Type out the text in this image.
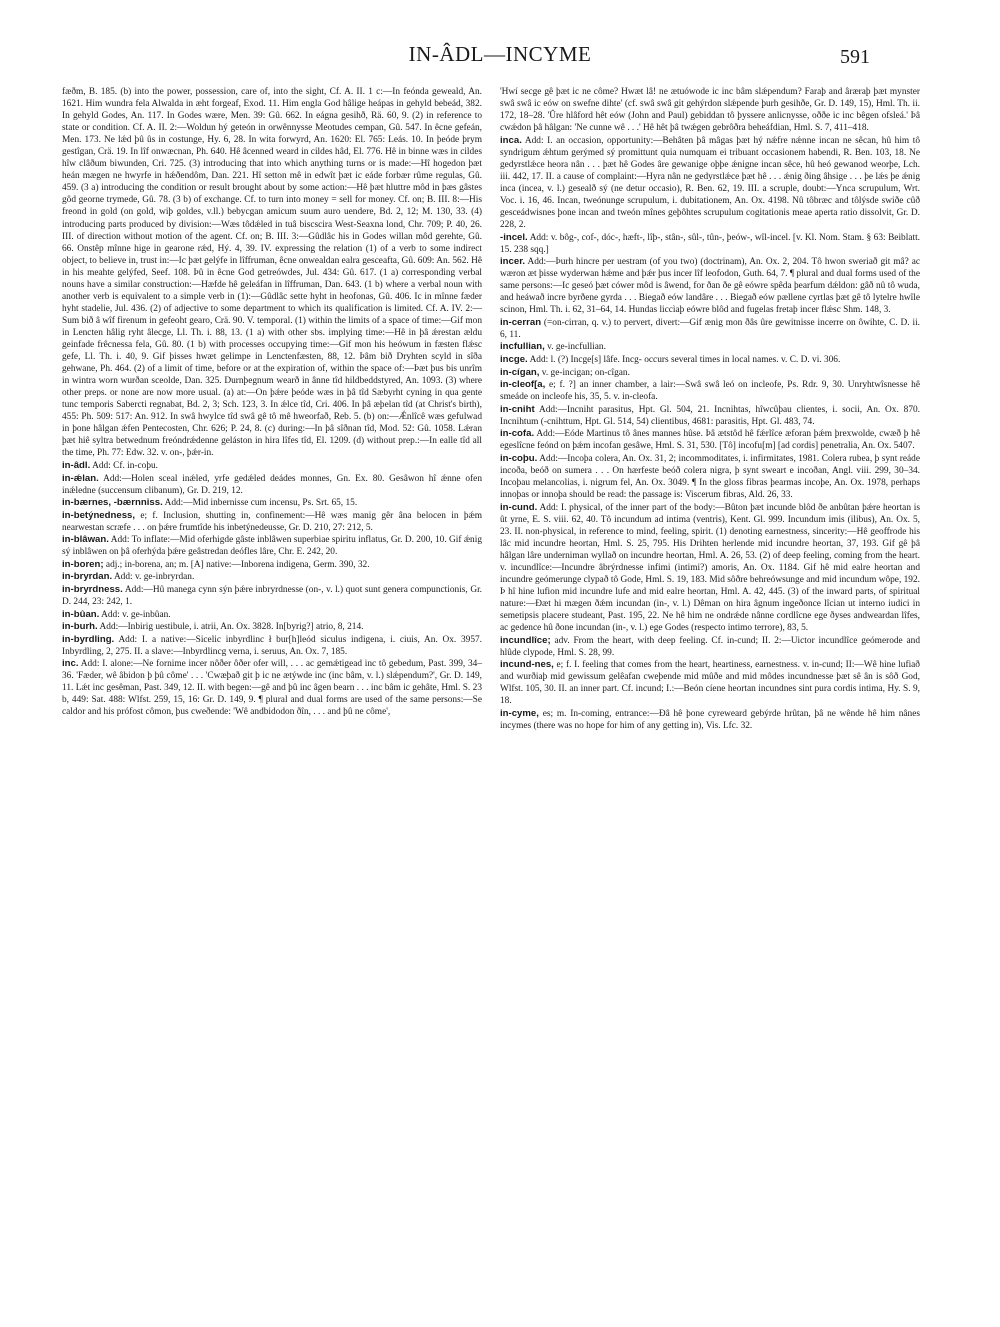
IN-ÂDL—INCYME	591

fæðm, B. 185. (b) into the power, possession, care of, into the sight, Cf. A. II. 1 c:—In feónda geweald, An. 1621. Him wundra fela Alwalda in æht forgeaf, Exod. 11. Him engla God hâlige heápas in gehyld bebeád, 382. In gehyld Godes, An. 117. In Godes wære, Men. 39: Gû. 662. In eágna gesihð, Rä. 60, 9. (2) in reference to state or condition. Cf. A. II. 2:—Woldun hý geteón in orwênnysse Meotudes cempan, Gû. 547. In êcne gefeán, Men. 173. Ne lǽd þû ûs in costunge, Hy. 6, 28. In wita forwyrd, An. 1620: El. 765: Leás. 10. In þeóde þrym gestîgan, Crä. 19. In lîf onwæcnan, Ph. 640. Hê âcenned weard in cildes hâd, El. 776. Hê in binne wæs in cildes hîw clâðum biwunden, Cri. 725. (3) introducing that into which anything turns or is made:—Hî hogedon þæt heán mægen ne hwyrfe in hǽðendôm, Dan. 221. Hî setton mê in edwît þæt ic eáde forbær rûme regulas, Gû. 459. (3 a) introducing the condition or result brought about by some action:—Hê þæt hluttre môd in þæs gâstes gôd georne trymede, Gû. 78. (3 b) of exchange. Cf. to turn into money = sell for money. Cf. on; B. III. 8:—His freond in gold (on gold, wiþ goldes, v.ll.) bebycgan amicum suum auro uendere, Bd. 2, 12; M. 130, 33. (4) introducing parts produced by division:—Wæs tôdǽled in tuâ biscscira West-Seaxna lond, Chr. 709; P. 40, 26. III. of direction without motion of the agent. Cf. on; B. III. 3:—Gûdlâc his in Godes willan môd gerehte, Gû. 66. Onstêp mînne hige in gearone rǽd, Hý. 4, 39. IV. expressing the relation (1) of a verb to some indirect object, to believe in, trust in:—Ic þæt gelýfe in lîffruman, êcne onwealdan ealra gesceafta, Gû. 609: An. 562. Hê in his meahte gelýfed, Seef. 108. Þû in êcne God getreówdes, Jul. 434: Gû. 617. (1 a) corresponding verbal nouns have a similar construction:—Hæfde hê geleáfan in lîffruman, Dan. 643. (1 b) where a verbal noun with another verb is equivalent to a simple verb in (1):—Gûdlâc sette hyht in heofonas, Gû. 406. Ic in mînne fæder hyht stadelie, Jul. 436. (2) of adjective to some department to which its qualification is limited. Cf. A. IV. 2:—Sum bið â wîf firenum in gefeoht gearo, Crä. 90. V. temporal. (1) within the limits of a space of time:—Gif mon in Lencten hâlig ryht âlecge, Ll. Th. i. 88, 13. (1 a) with other sbs. implying time:—Hê in þâ ǽrestan ældu geinfade frêcnessa fela, Gû. 80. (1 b) with processes occupying time:—Gif mon his heówum in fæsten flǽsc gefe, Ll. Th. i. 40, 9. Gif þisses hwæt gelimpe in Lenctenfæsten, 88, 12. Þâm bið Dryhten scyld in sîða gehwane, Ph. 464. (2) of a limit of time, before or at the expiration of, within the space of:—Þæt þus bis unrîm in wintra worn wurðan sceolde, Dan. 325. Durnþegnum wearð in ânne tîd hildbeddstyred, An. 1093. (3) where other preps. or none are now more usual. (a) at:—On þǽre þeóde wæs in þâ tîd Sæbyrht cyning in qua gente tunc temporis Sabercti regnabat, Bd. 2, 3; Sch. 123, 3. In ǽlce tîd, Cri. 406. In þâ æþelan tîd (at Christ's birth), 455: Ph. 509: 517: An. 912. In swâ hwylce tîd swâ gê tô mê hweorfað, Reb. 5. (b) on:—Ǽnlîcê wæs gefulwad in þone hâlgan ǽfen Pentecosten, Chr. 626; P. 24, 8. (c) during:—In þâ sîðnan tîd, Mod. 52: Gû. 1058. Lǽran þæt hiê syltra betwednum freóndrǽdenne geláston in hira lîfes tîd, El. 1209. (d) without prep.:—In ealle tîd all the time, Ph. 77: Edw. 32. v. on-, þǽr-in.

in-âdl. Add: Cf. in-coþu.

in-ǽlan. Add:—Holen sceal inǽled, yrfe gedǽled deádes monnes, Gn. Ex. 80. Gesâwon hî ǽnne ofen inǽledne (succensum clibanum), Gr. D. 219, 12.

in-bærnes, -bærnniss. Add:—Mid inbernisse cum incensu, Ps. Srt. 65, 15.

in-betýnedness, e; f. Inclusion, shutting in, confinement:—Hê wæs manig gêr âna belocen in þǽm nearwestan scræfe . . . on þǽre frumtîde his inbetýnedeusse, Gr. D. 210, 27: 212, 5.

in-blâwan. Add: To inflate:—Mid oferhigde gâste inblâwen superbiae spiritu inflatus, Gr. D. 200, 10. Gif ǽnig sý inblâwen on þâ oferhýda þǽre geâstredan deófles lâre, Chr. E. 242, 20.

in-boren; adj.; in-borena, an; m. [A] native:—Inborena indigena, Germ. 390, 32.

in-bryrdan. Add: v. ge-inbryrdan.

in-bryrdness. Add:—Hû manega cynn sýn þǽre inbryrdnesse (on-, v. l.) quot sunt genera compunctionis, Gr. D. 244, 23: 242, 1.

in-bûan. Add: v. ge-inbûan.

in-burh. Add:—Inbirig uestibule, i. atrii, An. Ox. 3828. In[byrig?] atrio, 8, 214.

in-byrdling. Add: I. a native:—Sicelic inbyrdlinc ł bur[h]leód siculus indigena, i. ciuis, An. Ox. 3957. Inbyrdling, 2, 275. II. a slave:—Inbyrdlincg verna, i. seruus, An. Ox. 7, 185.

inc. Add: I. alone:—Ne fornime incer nôðer ôðer ofer will, . . . ac gemǽtigead inc tô gebedum, Past. 399, 34–36. 'Fæder, wê âbidon þ þû côme' . . . 'Cwæþað git þ ic ne ætýwde inc (inc bâm, v. l.) slǽpendum?', Gr. D. 149, 11. Lǽt inc gesêman, Past. 349, 12. II. with begen:—gê and þû inc âgen bearn . . . inc bâm ic gehâte, Hml. S. 23 b, 449: Sat. 488: Wlfst. 259, 15, 16: Gr. D. 149, 9. ¶ plural and dual forms are used of the same persons:—Se caldor and his prófost cômon, þus cweðende: 'Wê andbidodon ðîn, . . . and þû ne côme',

'Hwí secge gê þæt ic ne côme? Hwæt lâ! ne ætuówode ic inc bâm slǽpendum? Faraþ and âræraþ þæt mynster swâ swâ ic eów on swefne dihte' (cf. swâ swâ git gehýrdon slǽpende þurh gesihðe, Gr. D. 149, 15), Hml. Th. ii. 172, 18–28. 'Ûre hlâford hêt eów (John and Paul) gebiddan tô þyssere anlicnysse, oððe ic inc bêgen ofsleá.' Þâ cwǽdon þâ hâlgan: 'Ne cunne wê . . .' Hê hêt þâ twǽgen gebrôðra beheáfdian, Hml. S. 7, 411–418.

inca. Add: I. an occasion, opportunity:—Behâten þâ mâgas þæt hý nǽfre nǽnne incan ne sêcan, hû him tô syndrigum ǽhtum gerýmed sý promittunt quia numquam ei tribuant occasionem habendi, R. Ben. 103, 18. Ne gedyrstlǽce heora nân . . . þæt hê Godes âre gewanige oþþe ǽnigne incan sêce, hû heó gewanod weorþe, Lch. iii. 442, 17. II. a cause of complaint:—Hyra nân ne gedyrstlǽce þæt hê . . . ǽnig ðing âhsige . . . þe lǽs þe ǽnig inca (incea, v. l.) gesealð sý (ne detur occasio), R. Ben. 62, 19. III. a scruple, doubt:—Ynca scrupulum, Wrt. Voc. i. 16, 46. Incan, tweónunge scrupulum, i. dubitationem, An. Ox. 4198. Nû tôbræc and tôlýsde swiðe cûð gesceádwisnes þone incan and tweón mînes geþôhtes scrupulum cogitationis meae aperta ratio dissolvit, Gr. D. 228, 2.

-incel. Add: v. bôg-, cof-, dóc-, hæft-, lîþ-, stân-, sûl-, tûn-, þeów-, wîl-incel. [v. Kl. Nom. Stam. § 63: Beiblatt. 15. 238 sqq.]

incer. Add:—Þurh hincre per uestram (of you two) (doctrinam), An. Ox. 2, 204. Tô hwon sweriað git mâ? ac wæron æt þisse wyderwan hǽme and þǽr þus incer lîf leofodon, Guth. 64, 7. ¶ plural and dual forms used of the same persons:—Ic geseó þæt cówer môd is âwend, for ðan ðe gê eówre spêda þearfum dǽldon: gâð nû tô wuda, and heáwað incre byrðene gyrda . . . Biegað eów landâre . . . Biegað eów pællene cyrtlas þæt gê tô lytelre hwîle scinon, Hml. Th. i. 62, 31–64, 14. Hundas liccìaþ eówre blôd and fugelas fretaþ incer flǽsc Shm. 148, 3.

in-cerran (=on-cirran, q. v.) to pervert, divert:—Gif ænig mon ðâs ûre gewitnisse incerre on ôwihte, C. D. ii. 6, 11.

incfullian, v. ge-incfullian.

incge. Add: l. (?) Incge[s] lâfe. Incg- occurs several times in local names. v. C. D. vi. 306.

in-cígan, v. ge-incigan; on-cîgan.

in-cleof[a, e; f. ?] an inner chamber, a lair:—Swâ swâ leó on incleofe, Ps. Rdr. 9, 30. Unryhtwîsnesse hê smeáde on incleofe his, 35, 5. v. in-cleofa.

in-cniht Add:—Incniht parasitus, Hpt. Gl. 504, 21. Incnihtas, hîwcûþau clientes, i. socii, An. Ox. 870. Incnihtum (-cnihttum, Hpt. Gl. 514, 54) clientibus, 4681: parasitis, Hpt. Gl. 483, 74.

in-cofa. Add:—Eóde Martinus tô ânes mannes hûse. Þâ ætstôd hê fǽrlîce æforan þǽm þrexwolde, cwæð þ hê egeslîcne feónd on þǽm incofan gesâwe, Hml. S. 31, 530. [Tô] incofu[m] [ad cordis] penetralia, An. Ox. 5407.

in-coþu. Add:—Incoþa colera, An. Ox. 31, 2; incommoditates, i. infirmitates, 1981. Colera rubea, þ synt reáde incoða, beóð on sumera . . . On hærfeste beóð colera nigra, þ synt sweart e incoðan, Angl. viii. 299, 30–34. Incoþau melancolias, i. nigrum fel, An. Ox. 3049. ¶ In the gloss fibras þearmas incoþe, An. Ox. 1978, perhaps innoþas or innoþa should be read: the passage is: Viscerum fibras, Ald. 26, 33.

in-cund. Add: I. physical, of the inner part of the body:—Bûton þæt incunde blôd ðe anbûtan þǽre heortan is ût yrne, E. S. viii. 62, 40. Tô incundum ad intima (ventris), Kent. Gl. 999. Incundum imis (ilibus), An. Ox. 5, 23. II. non-physical, in reference to mind, feeling, spirit. (1) denoting earnestness, sincerity:—Hê geoffrode his lâc mid incundre heortan, Hml. S. 25, 795. His Drihten herlende mid incundre heortan, 37, 193. Gif gê þâ hâlgan lâre underniman wyllað on incundre heortan, Hml. A. 26, 53. (2) of deep feeling, coming from the heart. v. incundlîce:—Incundre âbrýrdnesse infimi (intimi?) amoris, An. Ox. 1184. Gif hê mid ealre heortan and incundre geómerunge clypað tô Gode, Hml. S. 19, 183. Mid sôðre behreówsunge and mid incundum wôpe, 192. Þ hî hine lufion mid incundre lufe and mid ealre heortan, Hml. A. 42, 445. (3) of the inward parts, of spiritual nature:—Ðæt hi mægen ðǽm incundan (in-, v. l.) Dêman on hira âgnum ingeðonce lîcian ut interno iudici in semetipsis placere studeant, Past. 195, 22. Ne hê him ne ondrǽde nânne cordlîcne ege ðyses andweardan lîfes, ac gedence hû ðone incundan (in-, v. l.) ege Godes (respecto intimo terrore), 83, 5.

incundlîce; adv. From the heart, with deep feeling. Cf. in-cund; II. 2:—Uictor incundlîce geómerode and hlûde clypode, Hml. S. 28, 99.

incund-nes, e; f. I. feeling that comes from the heart, heartiness, earnestness. v. in-cund; II:—Wê hine lufiað and wurðiaþ mid gewissum gelêafan cweþende mid mûðe and mid môdes incundnesse þæt sê ân is sôð God, Wlfst. 105, 30. II. an inner part. Cf. incund; I.:—Beón cíene heortan incundnes sint pura cordis intima, Hy. S. 9, 18.

in-cyme, es; m. In-coming, entrance:—Ðâ hê þone cyreweard gebýrde hrûtan, þâ ne wênde hê him nânes incymes (there was no hope for him of any getting in), Vis. Lfc. 32.
